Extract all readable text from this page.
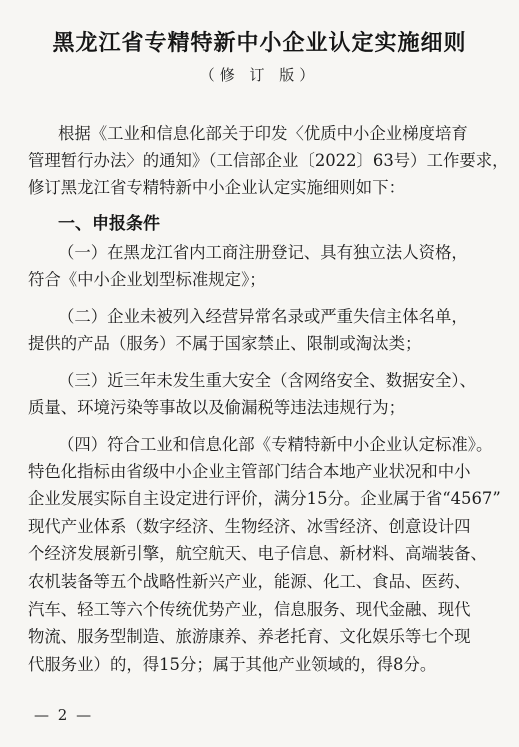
黑龙江省专精特新中小企业认定实施细则
（修 订 版）
根据《工业和信息化部关于印发〈优质中小企业梯度培育
管理暂行办法〉的通知》（工信部企业〔2022〕63号）工作要求，
修订黑龙江省专精特新中小企业认定实施细则如下：
一、申报条件
（一）在黑龙江省内工商注册登记、具有独立法人资格，
符合《中小企业划型标准规定》；
（二）企业未被列入经营异常名录或严重失信主体名单，
提供的产品（服务）不属于国家禁止、限制或淘汰类；
（三）近三年未发生重大安全（含网络安全、数据安全）、
质量、环境污染等事故以及偷漏税等违法违规行为；
（四）符合工业和信息化部《专精特新中小企业认定标准》。
特色化指标由省级中小企业主管部门结合本地产业状况和中小
企业发展实际自主设定进行评价，满分15分。企业属于省“4567”
现代产业体系（数字经济、生物经济、冰雪经济、创意设计四
个经济发展新引擎，航空航天、电子信息、新材料、高端装备、
农机装备等五个战略性新兴产业，能源、化工、食品、医药、
汽车、轻工等六个传统优势产业，信息服务、现代金融、现代
物流、服务型制造、旅游康养、养老托育、文化娱乐等七个现
代服务业）的，得15分；属于其他产业领域的，得8分。
— 2 —
